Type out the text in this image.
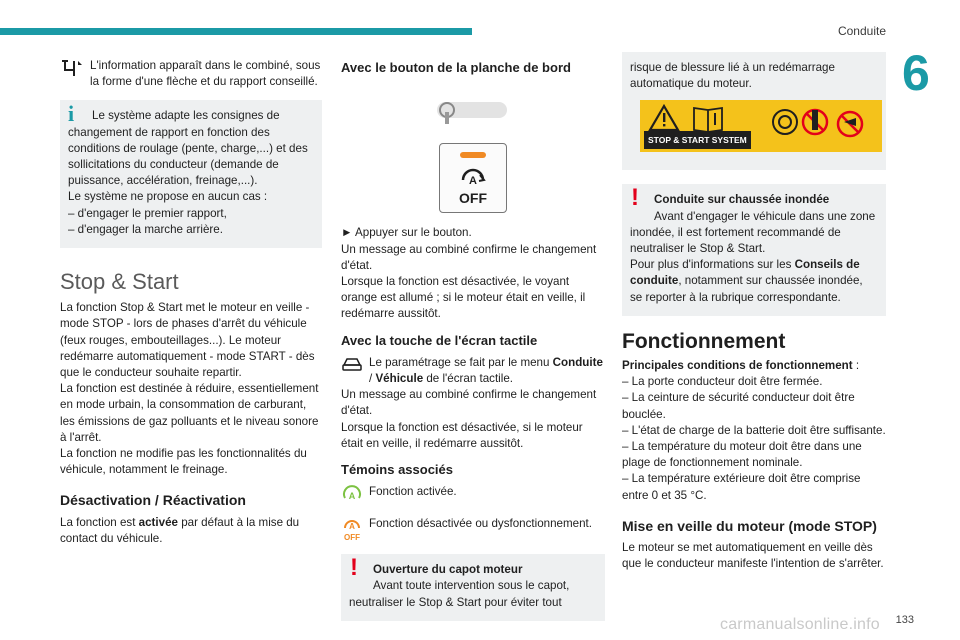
Conduite
6
L'information apparaît dans le combiné, sous la forme d'une flèche et du rapport conseillé.
i	Le système adapte les consignes de changement de rapport en fonction des conditions de roulage (pente, charge,...) et des sollicitations du conducteur (demande de puissance, accélération, freinage,...).

Le système ne propose en aucun cas :

– d'engager le premier rapport,

– d'engager la marche arrière.

Stop & Start

La fonction Stop & Start met le moteur en veille - mode STOP - lors de phases d'arrêt du véhicule (feux rouges, embouteillages...). Le moteur redémarre automatiquement - mode START - dès que le conducteur souhaite repartir.

La fonction est destinée à réduire, essentiellement en mode urbain, la consommation de carburant, les émissions de gaz polluants et le niveau sonore à l'arrêt.

La fonction ne modifie pas les fonctionnalités du véhicule, notamment le freinage.

Désactivation / Réactivation

La fonction est activée par défaut à la mise du contact du véhicule.

Avec le bouton de la planche de bord
A
OFF

► Appuyer sur le bouton.

Un message au combiné confirme le changement d'état.

Lorsque la fonction est désactivée, le voyant orange est allumé ; si le moteur était en veille, il redémarre aussitôt.

Avec la touche de l'écran tactile
Le paramétrage se fait par le menu Conduite / Véhicule de l'écran tactile.

Un message au combiné confirme le changement d'état.

Lorsque la fonction est désactivée, si le moteur était en veille, il redémarre aussitôt.

Témoins associés
A Fonction activée.
A
OFF
Fonction désactivée ou dysfonctionnement.
!	Ouverture du capot moteur

Avant toute intervention sous le capot, neutraliser le Stop & Start pour éviter tout

risque de blessure lié à un redémarrage automatique du moteur.

STOP & START SYSTEM
!	Conduite sur chaussée inondée

Avant d'engager le véhicule dans une zone inondée, il est fortement recommandé de neutraliser le Stop & Start.

Pour plus d'informations sur les Conseils de conduite, notamment sur chaussée inondée, se reporter à la rubrique correspondante.

Fonctionnement

Principales conditions de fonctionnement :

– La porte conducteur doit être fermée.

– La ceinture de sécurité conducteur doit être bouclée.

– L'état de charge de la batterie doit être suffisante.

– La température du moteur doit être dans une plage de fonctionnement nominale.

– La température extérieure doit être comprise entre 0 et 35 °C.

Mise en veille du moteur (mode STOP)

Le moteur se met automatiquement en veille dès que le conducteur manifeste l'intention de s'arrêter.

carmanualsonline.info 133
